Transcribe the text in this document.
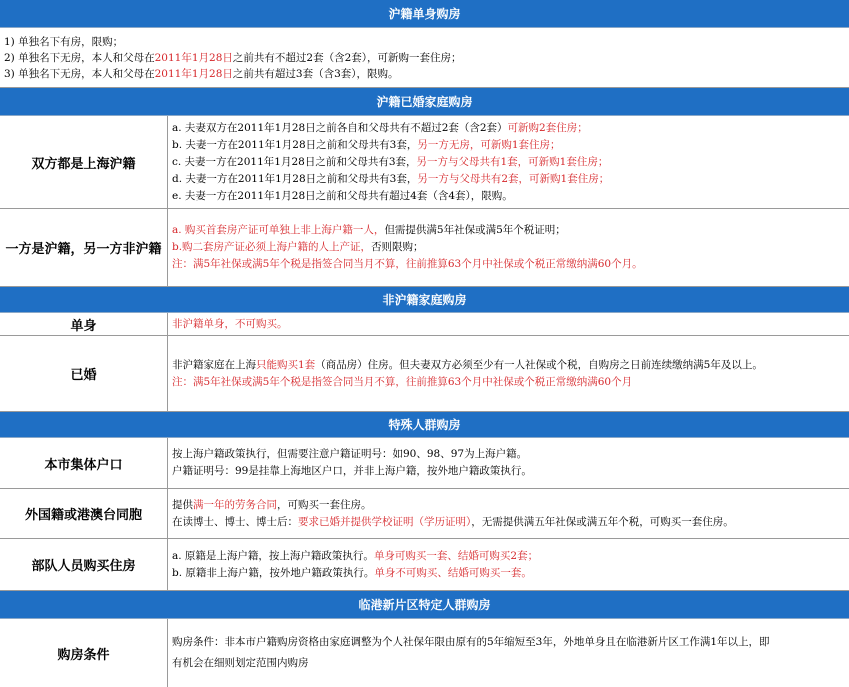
沪籍单身购房
1) 单独名下有房，限购；
2) 单独名下无房，本人和父母在2011年1月28日之前共有不超过2套（含2套），可新购一套住房；
3) 单独名下无房，本人和父母在2011年1月28日之前共有超过3套（含3套），限购。
沪籍已婚家庭购房
双方都是上海沪籍
a. 夫妻双方在2011年1月28日之前各自和父母共有不超过2套（含2套）可新购2套住房；
b. 夫妻一方在2011年1月28日之前和父母共有3套，另一方无房，可新购1套住房；
c. 夫妻一方在2011年1月28日之前和父母共有3套，另一方与父母共有1套，可新购1套住房；
d. 夫妻一方在2011年1月28日之前和父母共有3套，另一方与父母共有2套，可新购1套住房；
e. 夫妻一方在2011年1月28日之前和父母共有超过4套（含4套），限购。
一方是沪籍，另一方非沪籍
a. 购买首套房产证可单独上非上海户籍一人，但需提供满5年社保或满5年个税证明；
b.购二套房产证必须上海户籍的人上产证，否则限购；
注：满5年社保或满5年个税是指签合同当月不算，往前推算63个月中社保或个税正常缴纳满60个月。
非沪籍家庭购房
单身	非沪籍单身，不可购买。
已婚
非沪籍家庭在上海只能购买1套（商品房）住房。但夫妻双方必须至少有一人社保或个税，自购房之日前连续缴纳满5年及以上。
注：满5年社保或满5年个税是指签合同当月不算，往前推算63个月中社保或个税正常缴纳满60个月
特殊人群购房
本市集体户口
按上海户籍政策执行，但需要注意户籍证明号：如90、98、97为上海户籍。
户籍证明号：99是挂靠上海地区户口，并非上海户籍，按外地户籍政策执行。
外国籍或港澳台同胞
提供满一年的劳务合同，可购买一套住房。
在读博士、博士、博士后：要求已婚并提供学校证明（学历证明），无需提供满五年社保或满五年个税，可购买一套住房。
部队人员购买住房
a. 原籍是上海户籍，按上海户籍政策执行。单身可购买一套、结婚可购买2套；
b. 原籍非上海户籍，按外地户籍政策执行。单身不可购买、结婚可购买一套。
临港新片区特定人群购房
购房条件
购房条件：非本市户籍购房资格由家庭调整为个人社保年限由原有的5年缩短至3年，外地单身且在临港新片区工作满1年以上，即
有机会在细则划定范围内购房
